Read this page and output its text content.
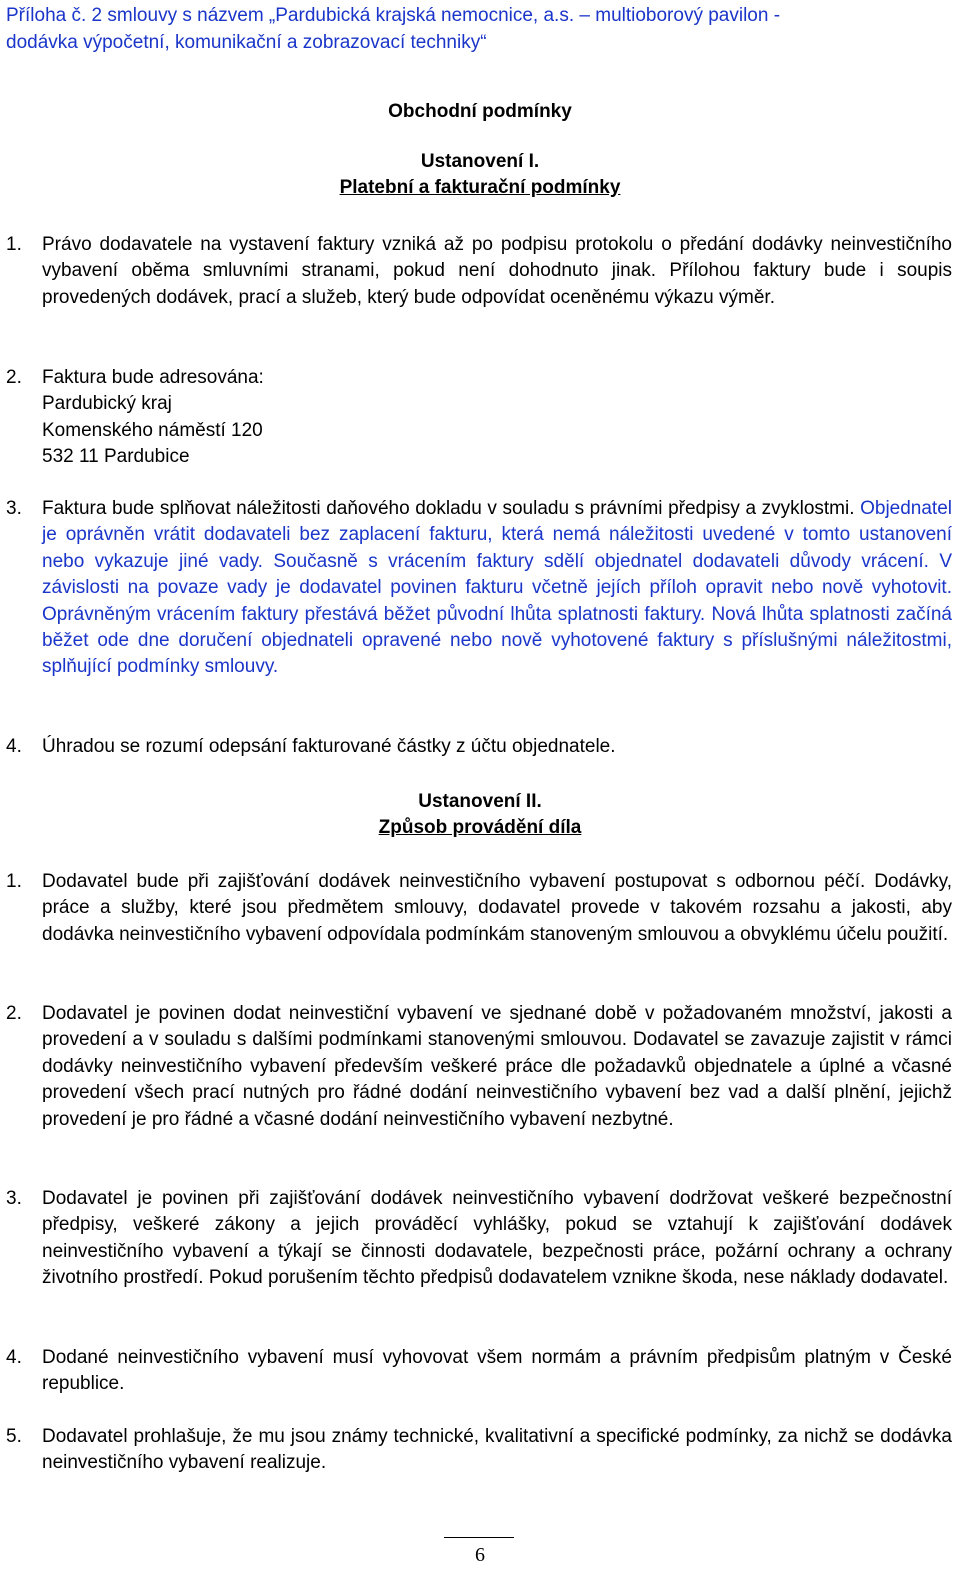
Příloha č. 2 smlouvy s názvem „Pardubická krajská nemocnice, a.s. – multioborový pavilon -
dodávka výpočetní, komunikační a zobrazovací techniky“
Obchodní podmínky
Ustanovení I.
Platební a fakturační podmínky
1.	Právo dodavatele na vystavení faktury vzniká až po podpisu protokolu o předání dodávky neinvestičního vybavení oběma smluvními stranami, pokud není dohodnuto jinak. Přílohou faktury bude i soupis provedených dodávek, prací a služeb, který bude odpovídat oceněnému výkazu výměr.
2.	Faktura bude adresována:
Pardubický kraj
Komenského náměstí 120
532 11 Pardubice
3.	Faktura bude splňovat náležitosti daňového dokladu v souladu s právními předpisy a zvyklostmi. Objednatel je oprávněn vrátit dodavateli bez zaplacení fakturu, která nemá náležitosti uvedené v tomto ustanovení nebo vykazuje jiné vady. Současně s vrácením faktury sdělí objednatel dodavateli důvody vrácení. V závislosti na povaze vady je dodavatel povinen fakturu včetně jejích příloh opravit nebo nově vyhotovit. Oprávněným vrácením faktury přestává běžet původní lhůta splatnosti faktury. Nová lhůta splatnosti začíná běžet ode dne doručení objednateli opravené nebo nově vyhotovené faktury s příslušnými náležitostmi, splňující podmínky smlouvy.
4.	Úhradou se rozumí odepsání fakturované částky z účtu objednatele.
Ustanovení II.
Způsob provádění díla
1.	Dodavatel bude při zajišťování dodávek neinvestičního vybavení postupovat s odbornou péčí. Dodávky, práce a služby, které jsou předmětem smlouvy, dodavatel provede v takovém rozsahu a jakosti, aby dodávka neinvestičního vybavení odpovídala podmínkám stanoveným smlouvou a obvyklému účelu použití.
2.	Dodavatel je povinen dodat neinvestiční vybavení ve sjednané době v požadovaném množství, jakosti a provedení a v souladu s dalšími podmínkami stanovenými smlouvou. Dodavatel se zavazuje zajistit v rámci dodávky neinvestičního vybavení především veškeré práce dle požadavků objednatele a úplné a včasné provedení všech prací nutných pro řádné dodání neinvestičního vybavení bez vad a další plnění, jejichž provedení je pro řádné a včasné dodání neinvestičního vybavení nezbytné.
3.	Dodavatel je povinen při zajišťování dodávek neinvestičního vybavení dodržovat veškeré bezpečnostní předpisy, veškeré zákony a jejich prováděcí vyhlášky, pokud se vztahují k zajišťování dodávek neinvestičního vybavení a týkají se činnosti dodavatele, bezpečnosti práce, požární ochrany a ochrany životního prostředí. Pokud porušením těchto předpisů dodavatelem vznikne škoda, nese náklady dodavatel.
4.	Dodané neinvestičního vybavení musí vyhovovat všem normám a právním předpisům platným v České republice.
5.	Dodavatel prohlašuje, že mu jsou známy technické, kvalitativní a specifické podmínky, za nichž se dodávka neinvestičního vybavení realizuje.
6
